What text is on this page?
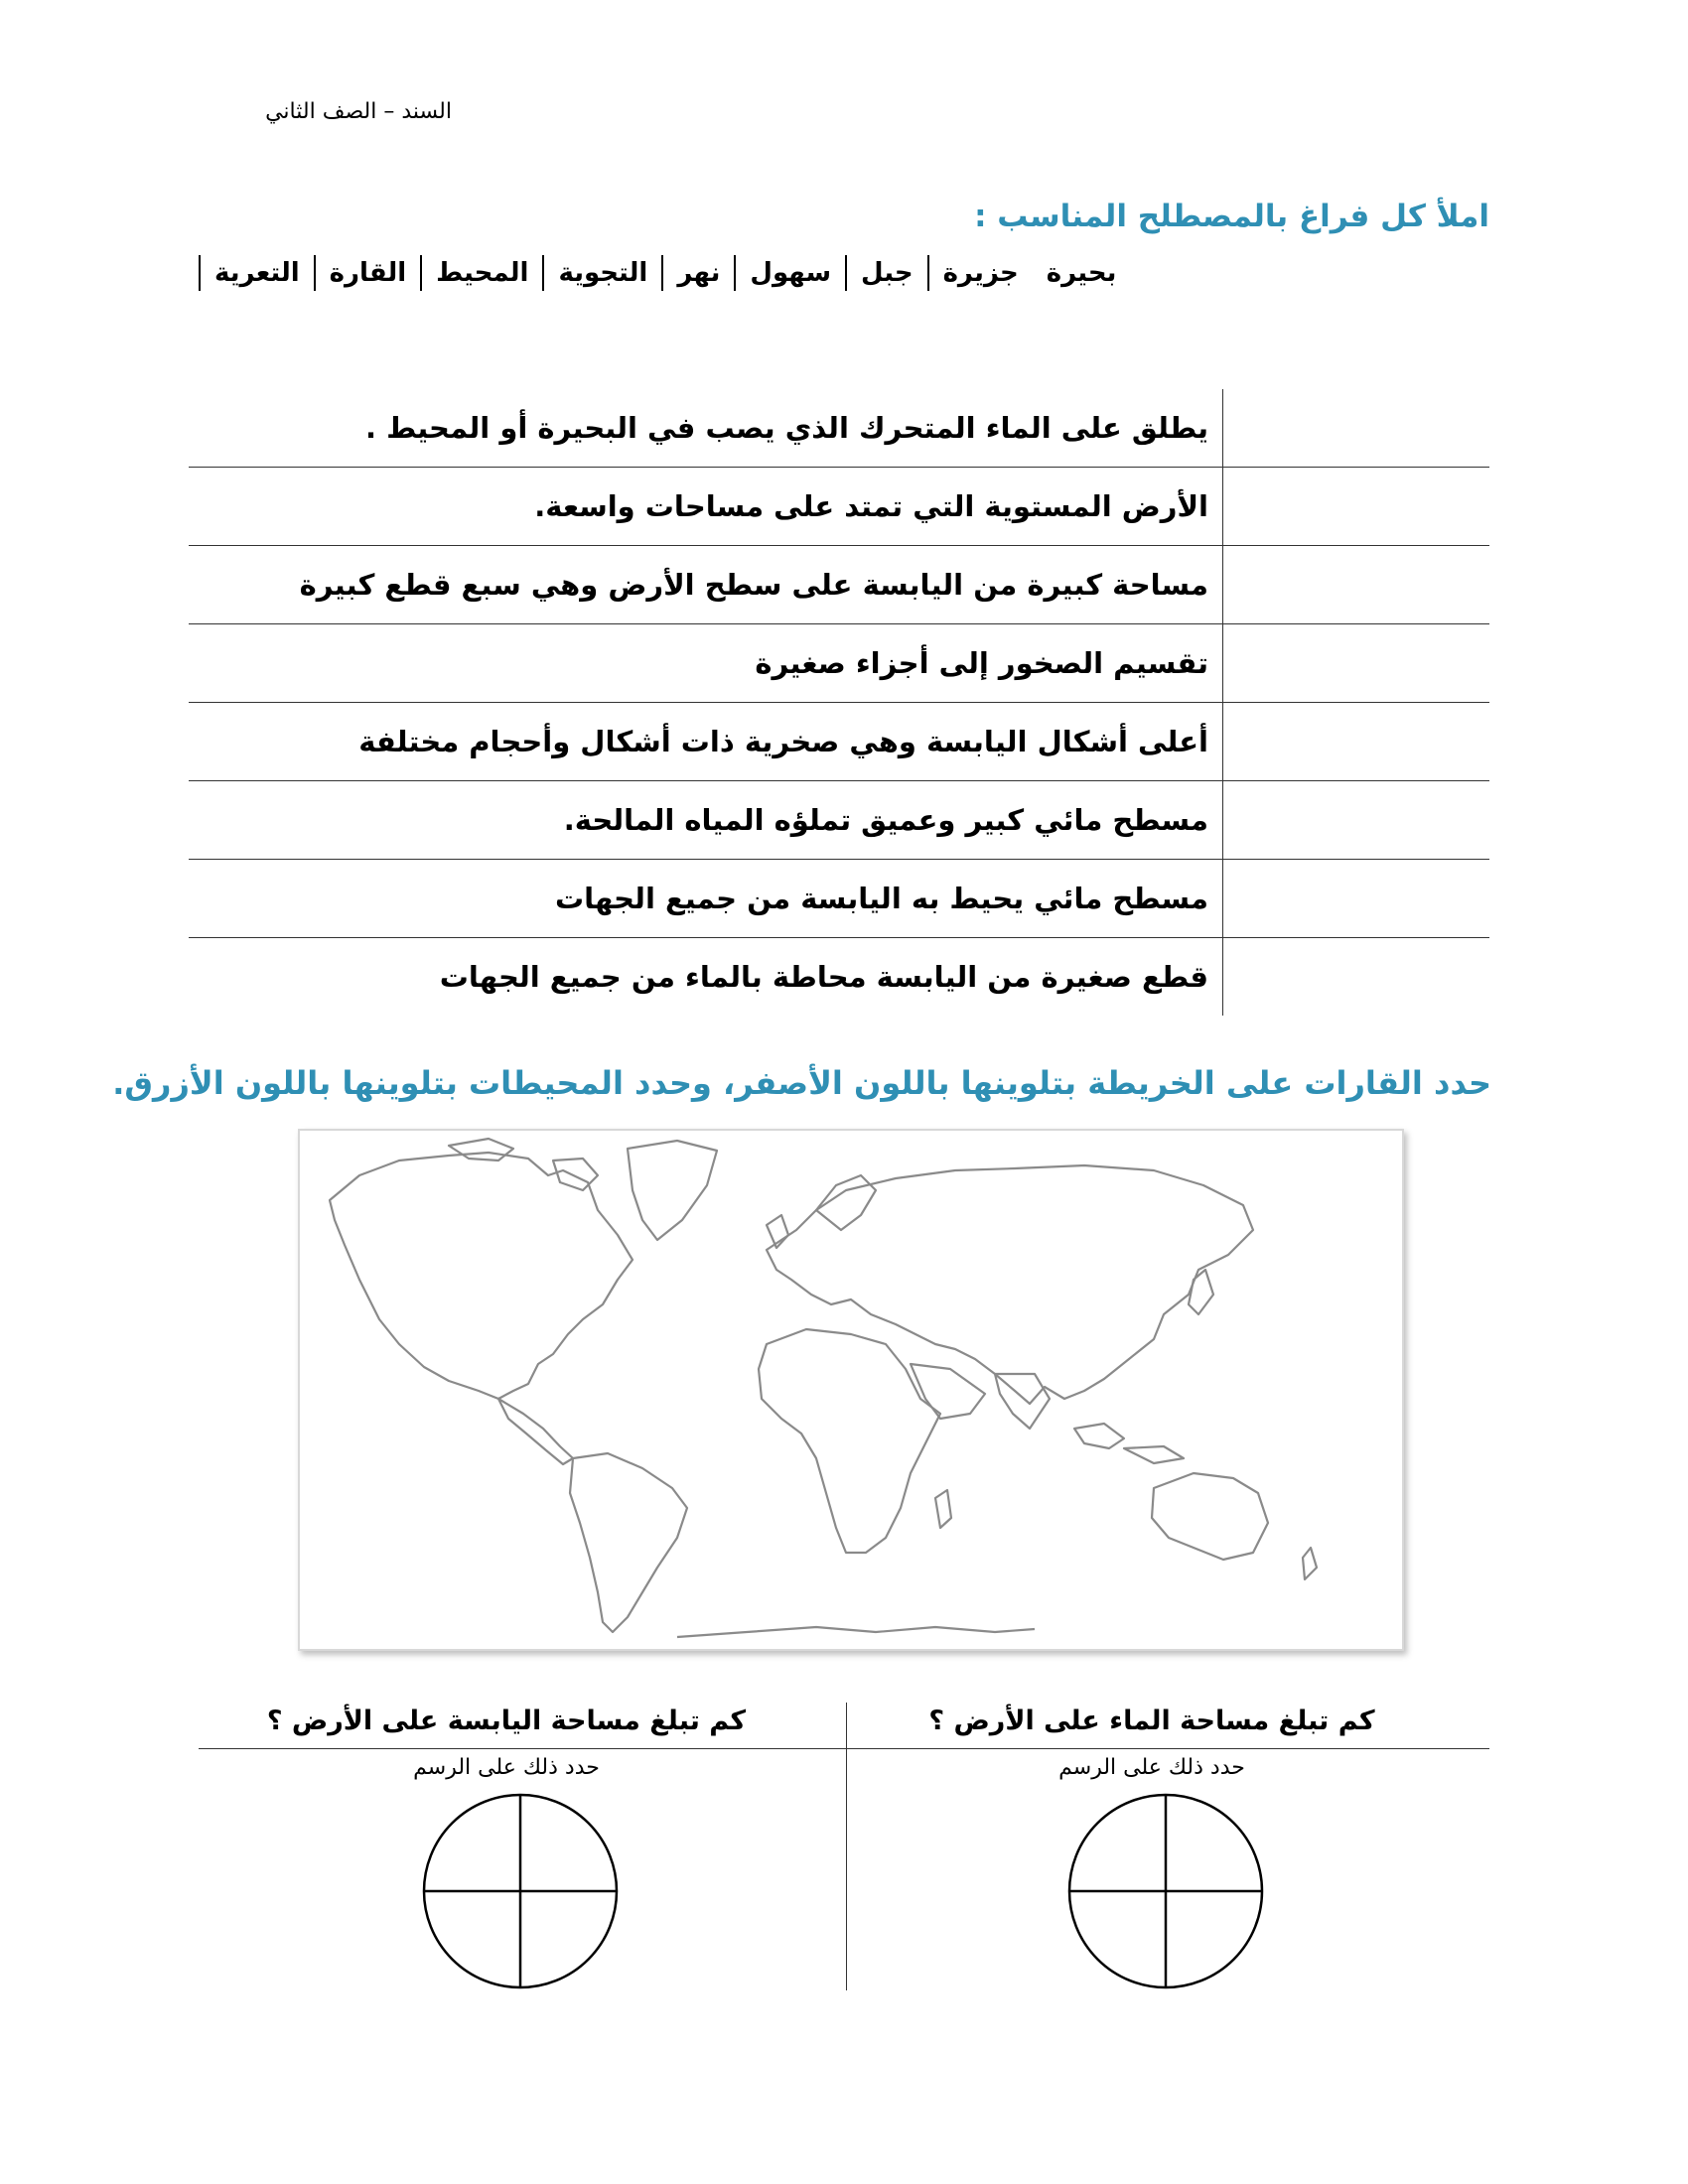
السند – الصف الثاني
املأ كل فراغ بالمصطلح المناسب :
التعرية	القارة	المحيط	التجوية	نهر	سهول	جبل	جزيرة	بحيرة
	يطلق على الماء المتحرك الذي يصب في البحيرة أو المحيط .
	الأرض المستوية التي تمتد على مساحات واسعة.
	مساحة كبيرة من اليابسة على سطح الأرض وهي سبع قطع كبيرة
	تقسيم الصخور إلى أجزاء صغيرة
	أعلى أشكال اليابسة وهي صخرية ذات أشكال وأحجام مختلفة
	مسطح مائي كبير وعميق تملؤه المياه المالحة.
	مسطح مائي يحيط به اليابسة من جميع الجهات
	قطع صغيرة من اليابسة محاطة بالماء من جميع الجهات
حدد القارات على الخريطة بتلوينها باللون الأصفر، وحدد المحيطات بتلوينها باللون الأزرق.
كم تبلغ مساحة الماء على الأرض ؟
كم تبلغ مساحة اليابسة على الأرض ؟
حدد ذلك على الرسم
حدد ذلك على الرسم
